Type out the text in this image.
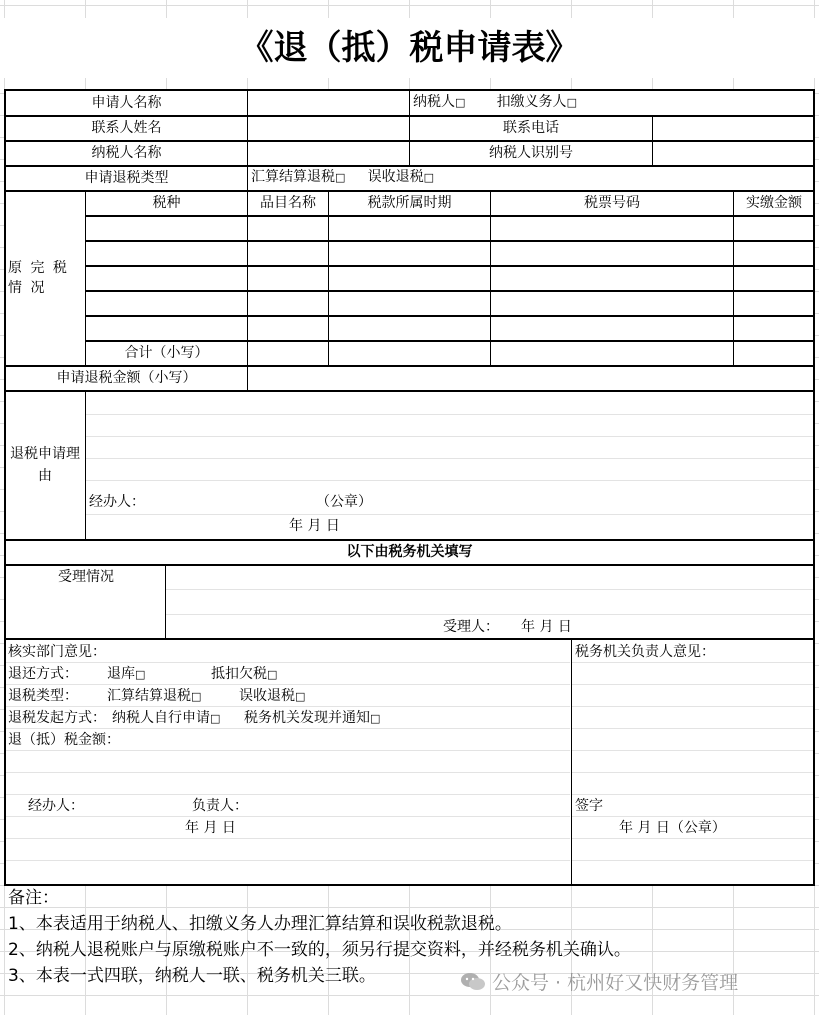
《退（抵）税申请表》
申请人名称	纳税人 □	扣缴义务人 □
联系人姓名	联系电话
纳税人名称	纳税人识别号
申请退税类型	汇算结算退税 □ 误收退税 □
原 完 税 情 况
税种	品目名称	税款所属时期	税票号码	实缴金额
合计（小写）
申请退税金额（小写）
退税申请理由
经办人：	（公章）
年 月 日
以下由税务机关填写
受理情况
受理人： 年 月 日
核实部门意见：
退还方式： 退库 □	抵扣欠税 □
退税类型： 汇算结算退税 □	误收退税 □
退税发起方式： 纳税人自行申请 □	税务机关发现并通知 □
退（抵）税金额：
经办人：	负责人：
年 月 日
税务机关负责人意见：
签字
年 月 日（公章）
备注：
1、本表适用于纳税人、扣缴义务人办理汇算结算和误收税款退税。
2、纳税人退税账户与原缴税账户不一致的，须另行提交资料，并经税务机关确认。
3、本表一式四联，纳税人一联、税务机关三联。	公众号 · 杭州好又快财务管理
